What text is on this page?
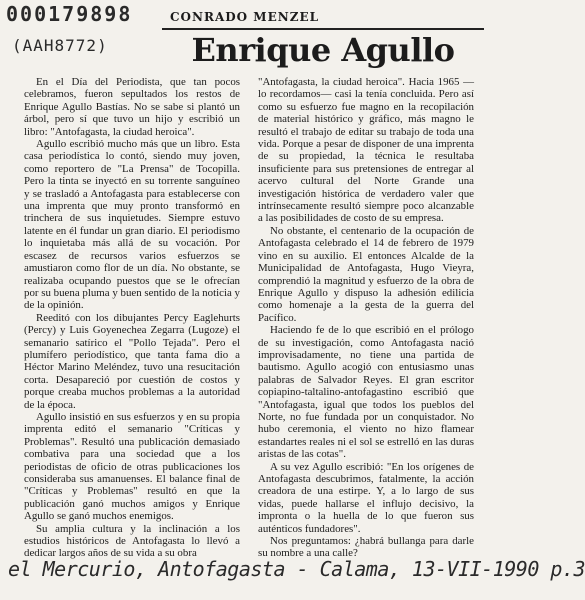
000179898
(AAH8772)
CONRADO MENZEL
Enrique Agullo

En el Día del Periodista, que tan pocos celebramos, fueron sepultados los restos de Enrique Agullo Bastías. No se sabe si plantó un árbol, pero sí que tuvo un hijo y escribió un libro: "Antofagasta, la ciudad heroica".

Agullo escribió mucho más que un libro. Esta casa periodística lo contó, siendo muy joven, como reportero de "La Prensa" de Tocopilla. Pero la tinta se inyectó en su torrente sanguíneo y se trasladó a Antofagasta para establecerse con una imprenta que muy pronto transformó en trinchera de sus inquietudes. Siempre estuvo latente en él fundar un gran diario. El periodismo lo inquietaba más allá de su vocación. Por escasez de recursos varios esfuerzos se amustiaron como flor de un día. No obstante, se realizaba ocupando puestos que se le ofrecían por su buena pluma y buen sentido de la noticia y de la opinión.

Reeditó con los dibujantes Percy Eaglehurts (Percy) y Luis Goyenechea Zegarra (Lugoze) el semanario satírico el "Pollo Tejada". Pero el plumífero periodístico, que tanta fama dio a Héctor Marino Meléndez, tuvo una resucitación corta. Desapareció por cuestión de costos y porque creaba muchos problemas a la autoridad de la época.

Agullo insistió en sus esfuerzos y en su propia imprenta editó el semanario "Críticas y Problemas". Resultó una publicación demasiado combativa para una sociedad que a los periodistas de oficio de otras publicaciones los consideraba sus amanuenses. El balance final de "Críticas y Problemas" resultó en que la publicación ganó muchos amigos y Enrique Agullo se ganó muchos enemigos.

Su amplia cultura y la inclinación a los estudios históricos de Antofagasta lo llevó a dedicar largos años de su vida a su obra

"Antofagasta, la ciudad heroica". Hacia 1965 —lo recordamos— casi la tenía concluida. Pero así como su esfuerzo fue magno en la recopilación de material histórico y gráfico, más magno le resultó el trabajo de editar su trabajo de toda una vida. Porque a pesar de disponer de una imprenta de su propiedad, la técnica le resultaba insuficiente para sus pretensiones de entregar al acervo cultural del Norte Grande una investigación histórica de verdadero valer que intrínsecamente resultó siempre poco alcanzable a las posibilidades de costo de su empresa.

No obstante, el centenario de la ocupación de Antofagasta celebrado el 14 de febrero de 1979 vino en su auxilio. El entonces Alcalde de la Municipalidad de Antofagasta, Hugo Vieyra, comprendió la magnitud y esfuerzo de la obra de Enrique Agullo y dispuso la adhesión edilicia como homenaje a la gesta de la guerra del Pacífico.

Haciendo fe de lo que escribió en el prólogo de su investigación, como Antofagasta nació improvisadamente, no tiene una partida de bautismo. Agullo acogió con entusiasmo unas palabras de Salvador Reyes. El gran escritor copiapino-taltalino-antofagastino escribió que "Antofagasta, igual que todos los pueblos del Norte, no fue fundada por un conquistador. No hubo ceremonia, el viento no hizo flamear estandartes reales ni el sol se estrelló en las duras aristas de las cotas".

A su vez Agullo escribió: "En los orígenes de Antofagasta descubrimos, fatalmente, la acción creadora de una estirpe. Y, a lo largo de sus vidas, puede hallarse el influjo decisivo, la impronta o la huella de lo que fueron sus auténticos fundadores".

Nos preguntamos: ¿habrá bullanga para darle su nombre a una calle?

el Mercurio, Antofagasta - Calama, 13-VII-1990 p.3
